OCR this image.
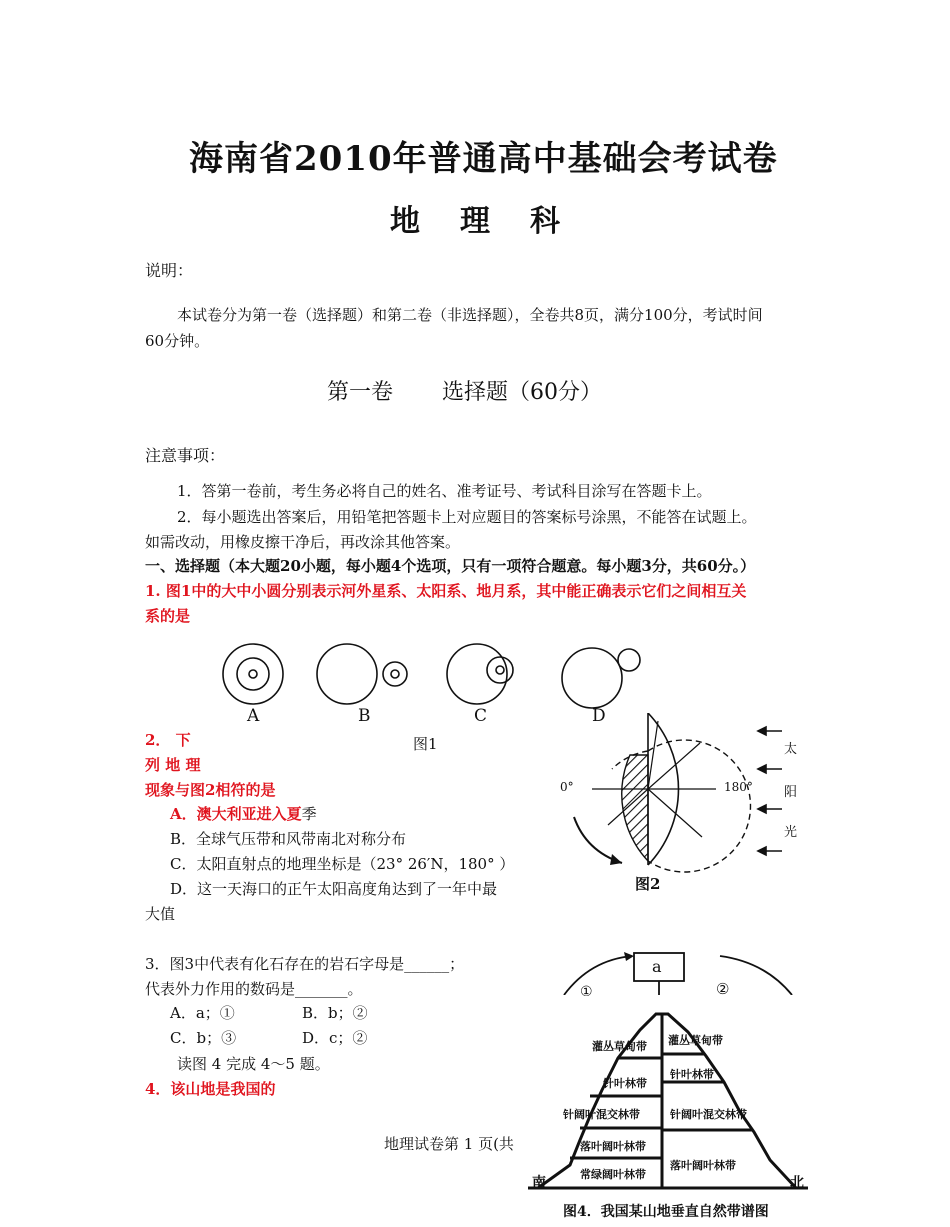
海南省2010年普通高中基础会考试卷
地 理 科
说明：
本试卷分为第一卷（选择题）和第二卷（非选择题），全卷共8页，满分100分，考试时间
60分钟。
第一卷 选择题（60分）
注意事项：
1．答第一卷前，考生务必将自己的姓名、准考证号、考试科目涂写在答题卡上。
2．每小题选出答案后，用铅笔把答题卡上对应题目的答案标号涂黑，不能答在试题上。
如需改动，用橡皮擦干净后，再改涂其他答案。
一、选择题（本大题20小题，每小题4个选项，只有一项符合题意。每小题3分，共60分。）
1. 图1中的大中小圆分别表示河外星系、太阳系、地月系，其中能正确表示它们之间相互关
系的是
A	B	C	D
图1
2． 下
列 地 理
现象与图2相符的是
A．澳大利亚进入夏季
B．全球气压带和风带南北对称分布
C．太阳直射点的地理坐标是（23° 26′N，180° ）
D．这一天海口的正午太阳高度角达到了一年中最
大值
0°	180°
太
阳
光
图2
3．图3中代表有化石存在的岩石字母是______；
代表外力作用的数码是_______。
A．a；①	B．b；②
C．b；③	D．c；②
a
①	②
读图 4 完成 4～5 题。
4．该山地是我国的
灌丛草甸带
针叶林带
针阔叶混交林带
落叶阔叶林带
常绿阔叶林带
灌丛草甸带
针叶林带
针阔叶混交林带
落叶阔叶林带
南	北
图4．我国某山地垂直自然带谱图
地理试卷第 1 页(共
